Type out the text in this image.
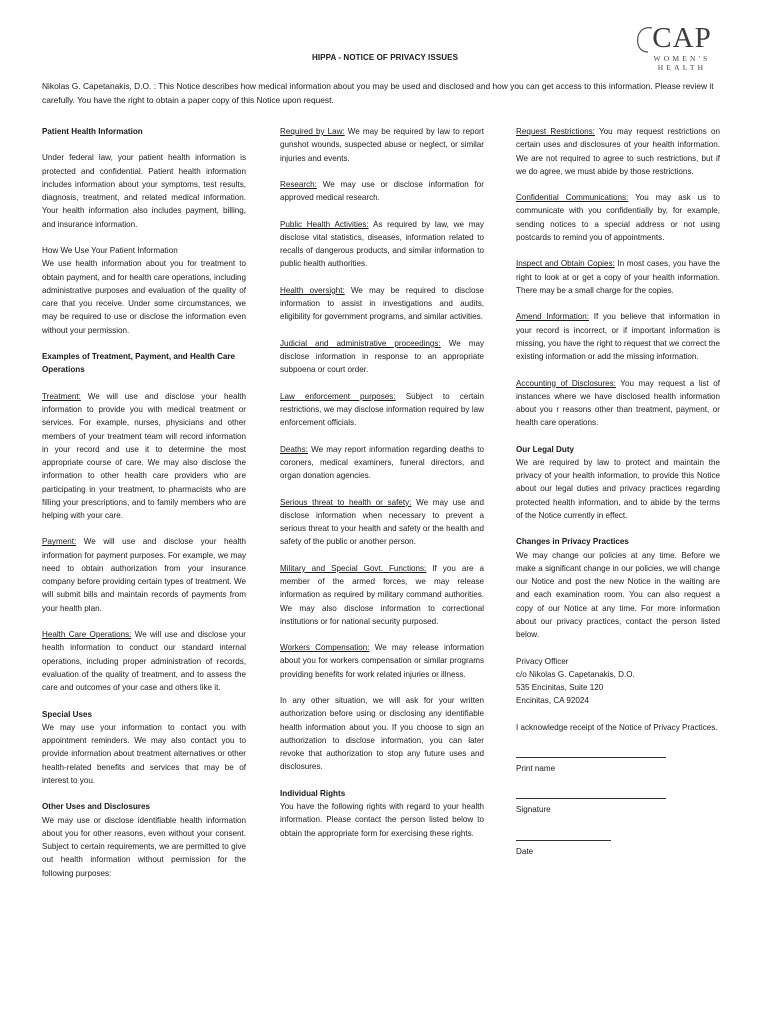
CAP
WOMEN'S
HEALTH
HIPPA - NOTICE OF PRIVACY ISSUES
Nikolas G. Capetanakis, D.O. : This Notice describes how medical information about you may be used and disclosed and how you can get access to this information. Please review it carefully. You have the right to obtain a paper copy of this Notice upon request.

Patient Health Information

Under federal law, your patient health information is protected and confidential. Patient health information includes information about your symptoms, test results, diagnosis, treatment, and related medical information. Your health information also includes payment, billing, and insurance information.

How We Use Your Patient Information
We use health information about you for treatment to obtain payment, and for health care operations, including administrative purposes and evaluation of the quality of care that you receive. Under some circumstances, we may be required to use or disclose the information even without your permission.

Examples of Treatment, Payment, and Health Care Operations

Treatment: We will use and disclose your health information to provide you with medical treatment or services. For example, nurses, physicians and other members of your treatment team will record information in your record and use it to determine the most appropriate course of care. We may also disclose the information to other health care providers who are participating in your treatment, to pharmacists who are filling your prescriptions, and to family members who are helping with your care.

Payment: We will use and disclose your health information for payment purposes. For example, we may need to obtain authorization from your insurance company before providing certain types of treatment. We will submit bills and maintain records of payments from your health plan.

Health Care Operations: We will use and disclose your health information to conduct our standard internal operations, including proper administration of records, evaluation of the quality of treatment, and to assess the care and outcomes of your case and others like it.

Special Uses
We may use your information to contact you with appointment reminders. We may also contact you to provide information about treatment alternatives or other health-related benefits and services that may be of interest to you.

Other Uses and Disclosures
We may use or disclose identifiable health information about you for other reasons, even without your consent. Subject to certain requirements, we are permitted to give out health information without permission for the following purposes:

Required by Law: We may be required by law to report gunshot wounds, suspected abuse or neglect, or similar injuries and events.

Research: We may use or disclose information for approved medical research.

Public Health Activities: As required by law, we may disclose vital statistics, diseases, information related to recalls of dangerous products, and similar information to public health authorities.

Health oversight: We may be required to disclose information to assist in investigations and audits, eligibility for government programs, and similar activities.

Judicial and administrative proceedings: We may disclose information in response to an appropriate subpoena or court order.

Law enforcement purposes: Subject to certain restrictions, we may disclose information required by law enforcement officials.

Deaths: We may report information regarding deaths to coroners, medical examiners, funeral directors, and organ donation agencies.

Serious threat to health or safety: We may use and disclose information when necessary to prevent a serious threat to your health and safety or the health and safety of the public or another person.

Military and Special Govt. Functions: If you are a member of the armed forces, we may release information as required by military command authorities. We may also disclose information to correctional institutions or for national security purposed.

Workers Compensation: We may release information about you for workers compensation or similar programs providing benefits for work related injuries or illness.

In any other situation, we will ask for your written authorization before using or disclosing any identifiable health information about you. If you choose to sign an authorization to disclose information, you can later revoke that authorization to stop any future uses and disclosures.

Individual Rights
You have the following rights with regard to your health information. Please contact the person listed below to obtain the appropriate form for exercising these rights.

Request Restrictions: You may request restrictions on certain uses and disclosures of your health information. We are not required to agree to such restrictions, but if we do agree, we must abide by those restrictions.

Confidential Communications: You may ask us to communicate with you confidentially by, for example, sending notices to a special address or not using postcards to remind you of appointments.

Inspect and Obtain Copies: In most cases, you have the right to look at or get a copy of your health information. There may be a small charge for the copies.

Amend Information: If you believe that information in your record is incorrect, or if important information is missing, you have the right to request that we correct the existing information or add the missing information.

Accounting of Disclosures: You may request a list of instances where we have disclosed health information about you r reasons other than treatment, payment, or health care operations.

Our Legal Duty
We are required by law to protect and maintain the privacy of your health information, to provide this Notice about our legal duties and privacy practices regarding protected health information, and to abide by the terms of the Notice currently in effect.

Changes in Privacy Practices
We may change our policies at any time. Before we make a significant change in our policies, we will change our Notice and post the new Notice in the waiting are and each examination room. You can also request a copy of our Notice at any time. For more information about our privacy practices, contact the person listed below.

Privacy Officer
c/o Nikolas G. Capetanakis, D.O.
535 Encinitas, Suite 120
Encinitas, CA 92024

I acknowledge receipt of the Notice of Privacy Practices.

Print name
Signature
Date
